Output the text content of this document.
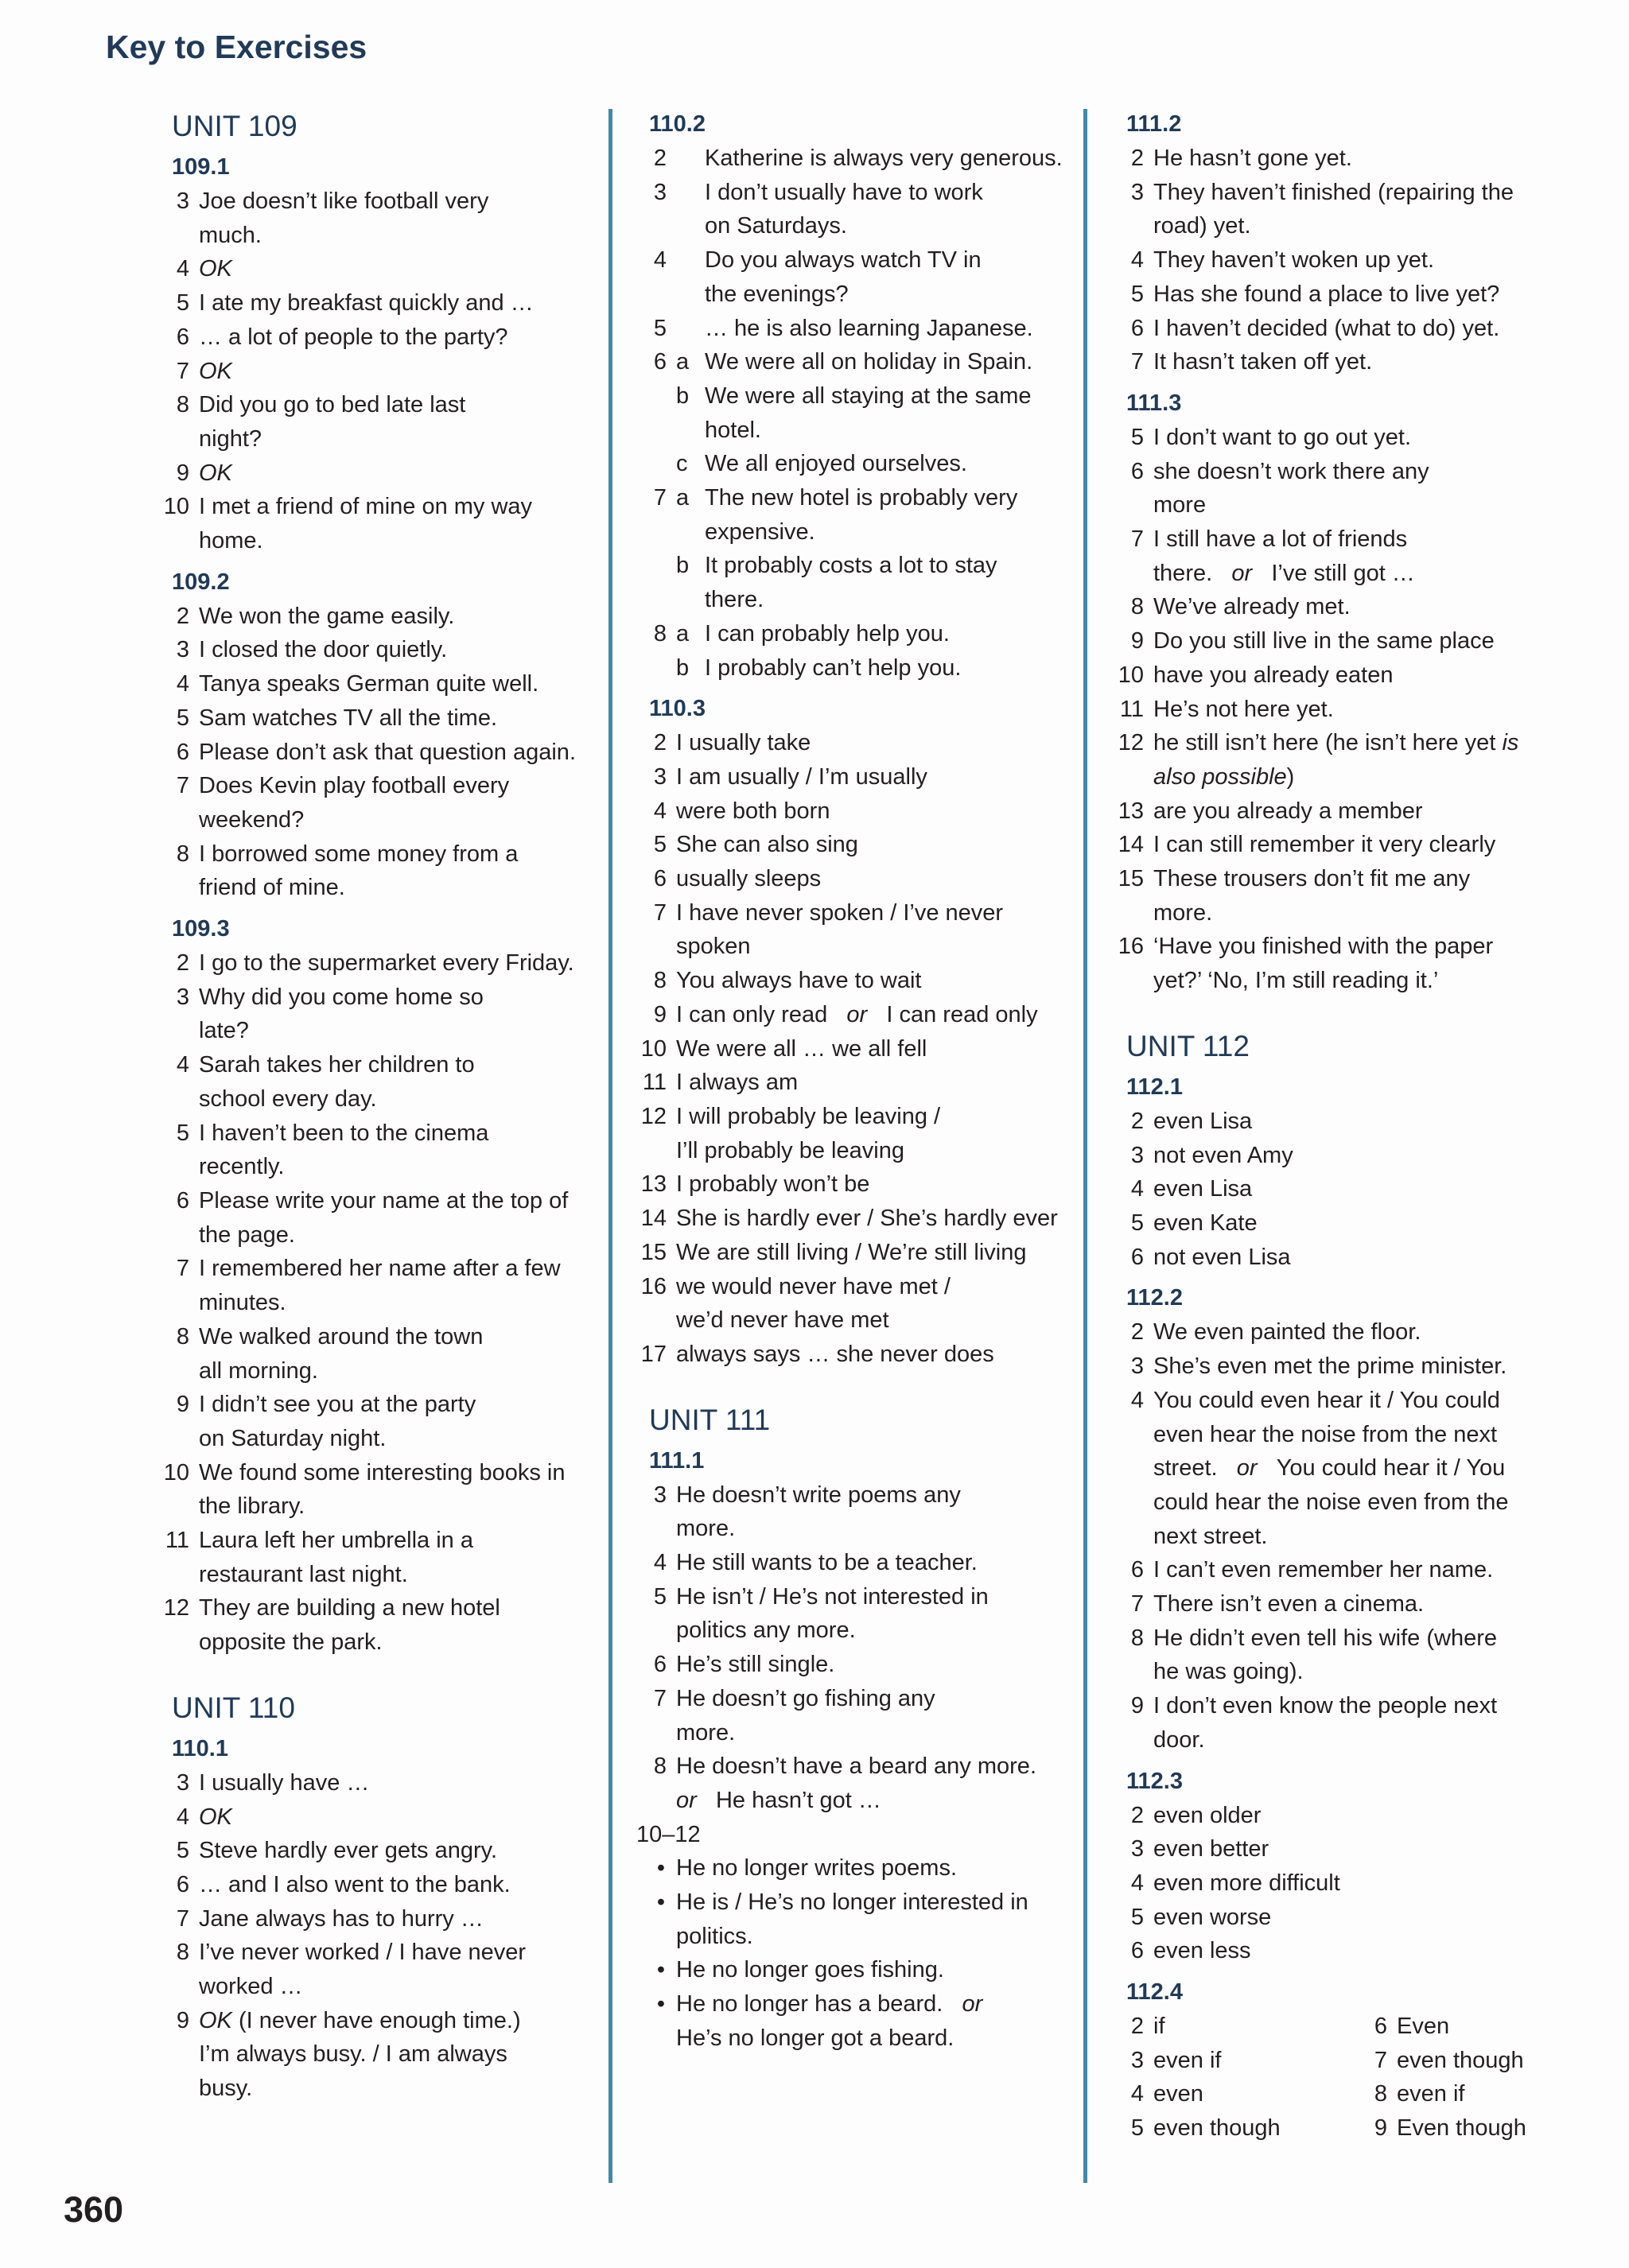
Key to Exercises
UNIT 109
109.1
3 Joe doesn’t like football very
much.
4 OK
5 I ate my breakfast quickly and …
6 … a lot of people to the party?
7 OK
8 Did you go to bed late last
night?
9 OK
10 I met a friend of mine on my way
home.
109.2
2 We won the game easily.
3 I closed the door quietly.
4 Tanya speaks German quite well.
5 Sam watches TV all the time.
6 Please don’t ask that question again.
7 Does Kevin play football every
weekend?
8 I borrowed some money from a
friend of mine.
109.3
2 I go to the supermarket every Friday.
3 Why did you come home so
late?
4 Sarah takes her children to
school every day.
5 I haven’t been to the cinema
recently.
6 Please write your name at the top of
the page.
7 I remembered her name after a few
minutes.
8 We walked around the town
all morning.
9 I didn’t see you at the party
on Saturday night.
10 We found some interesting books in
the library.
11 Laura left her umbrella in a
restaurant last night.
12 They are building a new hotel
opposite the park.
UNIT 110
110.1
3 I usually have …
4 OK
5 Steve hardly ever gets angry.
6 … and I also went to the bank.
7 Jane always has to hurry …
8 I’ve never worked / I have never
worked …
9 OK (I never have enough time.)
I’m always busy. / I am always
busy.
110.2
2	Katherine is always very generous.
3	I don’t usually have to work
on Saturdays.
4	Do you always watch TV in
the evenings?
5	… he is also learning Japanese.
6 a We were all on holiday in Spain.
b We were all staying at the same
hotel.
c We all enjoyed ourselves.
7 a The new hotel is probably very
expensive.
b It probably costs a lot to stay
there.
8 a I can probably help you.
b I probably can’t help you.
110.3
2 I usually take
3 I am usually / I’m usually
4 were both born
5 She can also sing
6 usually sleeps
7 I have never spoken / I’ve never
spoken
8 You always have to wait
9 I can only read or I can read only
10 We were all … we all fell
11 I always am
12 I will probably be leaving /
I’ll probably be leaving
13 I probably won’t be
14 She is hardly ever / She’s hardly ever
15 We are still living / We’re still living
16 we would never have met /
we’d never have met
17 always says … she never does
UNIT 111
111.1
3 He doesn’t write poems any
more.
4 He still wants to be a teacher.
5 He isn’t / He’s not interested in
politics any more.
6 He’s still single.
7 He doesn’t go fishing any
more.
8 He doesn’t have a beard any more.
or He hasn’t got …
10–12
• He no longer writes poems.
• He is / He’s no longer interested in
politics.
• He no longer goes fishing.
• He no longer has a beard. or
He’s no longer got a beard.
111.2
2 He hasn’t gone yet.
3 They haven’t finished (repairing the
road) yet.
4 They haven’t woken up yet.
5 Has she found a place to live yet?
6 I haven’t decided (what to do) yet.
7 It hasn’t taken off yet.
111.3
5 I don’t want to go out yet.
6 she doesn’t work there any
more
7 I still have a lot of friends
there. or I’ve still got …
8 We’ve already met.
9 Do you still live in the same place
10 have you already eaten
11 He’s not here yet.
12 he still isn’t here (he isn’t here yet is
also possible)
13 are you already a member
14 I can still remember it very clearly
15 These trousers don’t fit me any
more.
16 ‘Have you finished with the paper
yet?’ ‘No, I’m still reading it.’
UNIT 112
112.1
2 even Lisa
3 not even Amy
4 even Lisa
5 even Kate
6 not even Lisa
112.2
2 We even painted the floor.
3 She’s even met the prime minister.
4 You could even hear it / You could
even hear the noise from the next
street. or You could hear it / You
could hear the noise even from the
next street.
6 I can’t even remember her name.
7 There isn’t even a cinema.
8 He didn’t even tell his wife (where
he was going).
9 I don’t even know the people next
door.
112.3
2 even older
3 even better
4 even more difficult
5 even worse
6 even less
112.4
2 if
3 even if
4 even
5 even though
6 Even
7 even though
8 even if
9 Even though
360
